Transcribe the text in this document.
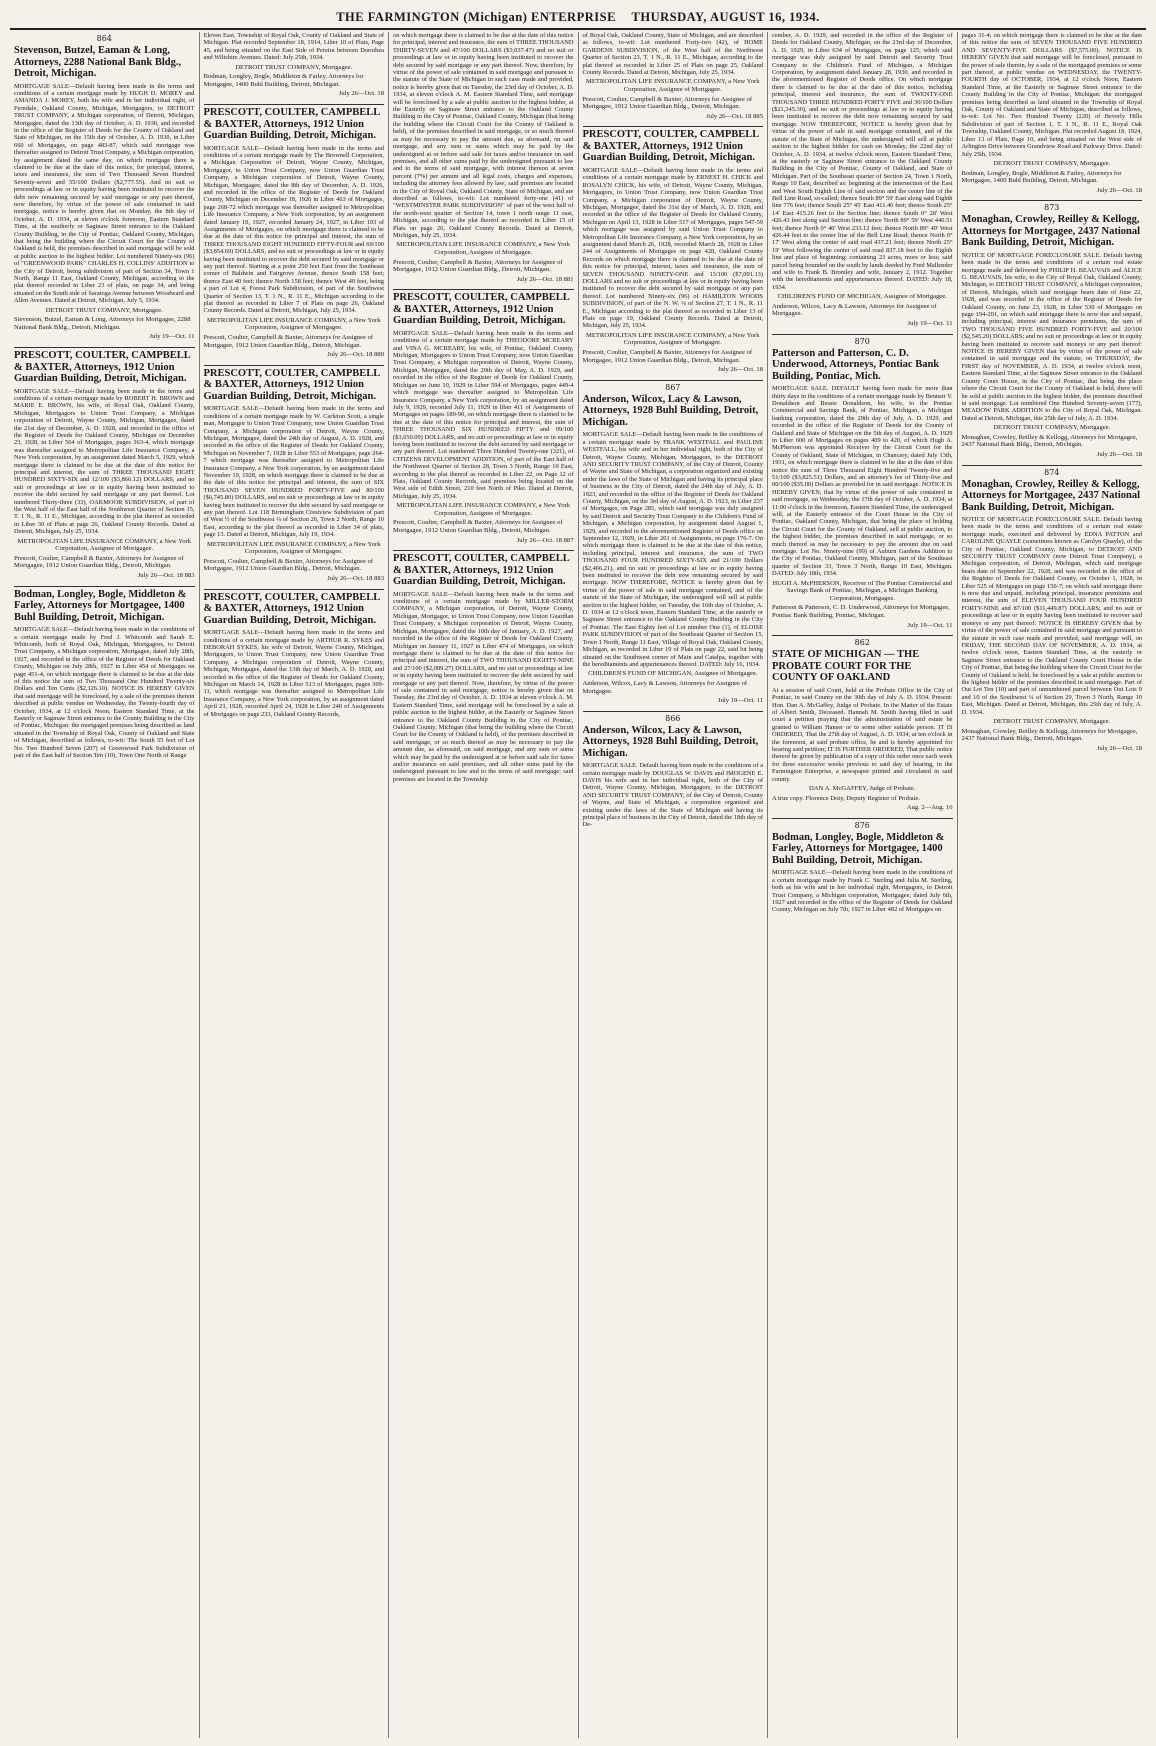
THE FARMINGTON (Michigan) ENTERPRISE THURSDAY, AUGUST 16, 1934.
864
Stevenson, Butzel, Eaman & Long, Attorneys, 2288 National Bank Bldg., Detroit, Michigan.

MORTGAGE SALE—Default having been made in the terms and conditions of a certain mortgage made by HUGH D. MOREY and AMANDA J. MOREY, both his wife and in her individual right, of Ferndale, Oakland County, Michigan, Mortgagors, to DETROIT TRUST COMPANY, a Michigan corporation, of Detroit, Michigan, Mortgagee, dated the 13th day of October, A. D. 1930, and recorded in the office of the Register of Deeds for the County of Oakland and State of Michigan, on the 15th day of October, A. D. 1930, in Liber 660 of Mortgages, on page 483-87, which said mortgage was thereafter assigned to Detroit Trust Company, a Michigan corporation, by assignment dated the same day, on which mortgage there is claimed to be due at the date of this notice, for principal, interest, taxes and insurance, the sum of Two Thousand Seven Hundred Seventy-seven and 55/100 Dollars ($2,777.55). And no suit or proceedings at law or in equity having been instituted to recover the debt now remaining secured by said mortgage or any part thereof, now therefore, by virtue of the power of sale contained in said mortgage, notice is hereby given that on Monday, the 8th day of October, A. D. 1934, at eleven o'clock forenoon, Eastern Standard Time, at the southerly or Saginaw Street entrance to the Oakland County Building, in the City of Pontiac, Oakland County, Michigan, that being the building where the Circuit Court for the County of Oakland is held, the premises described in said mortgage will be sold at public auction to the highest bidder. Lot numbered Ninety-six (96) of "GREENWOOD PARK" CHARLES H. COLLINS' ADDITION to the City of Detroit, being subdivision of part of Section 34, Town 1 North, Range 11 East, Oakland County, Michigan, according to the plat thereof recorded in Liber 23 of plats, on page 34, and being situated on the South side of Saratoga Avenue between Woodward and Allen Avenues. Dated at Detroit, Michigan, July 5, 1934.

DETROIT TRUST COMPANY, Mortgagee.
Stevenson, Butzel, Eaman & Long, Attorneys for Mortgagee, 2288 National Bank Bldg., Detroit, Michigan.
July 19—Oct. 11
PRESCOTT, COULTER, CAMPBELL & BAXTER, Attorneys, 1912 Union Guardian Building, Detroit, Michigan.

MORTGAGE SALE—Default having been made in the terms and conditions of a certain mortgage made by ROBERT H. BROWN and MARIE E. BROWN, his wife, of Royal Oak, Oakland County, Michigan, Mortgagors to Union Trust Company, a Michigan corporation of Detroit, Wayne County, Michigan, Mortgagee, dated the 21st day of December, A. D. 1928, and recorded in the office of the Register of Deeds for Oakland County, Michigan on December 23, 1928, in Liber 564 of Mortgages, pages 363-4, which mortgage was thereafter assigned to Metropolitan Life Insurance Company, a New York corporation, by an assignment dated March 5, 1929, which mortgage there is claimed to be due at the date of this notice for principal and interest, the sum of THREE THOUSAND EIGHT HUNDRED SIXTY-SIX and 12/100 ($3,866.12) DOLLARS, and no suit or proceedings at law or in equity having been instituted to recover the debt secured by said mortgage or any part thereof. Lot numbered Thirty-three (33), OAKMOOR SUBDIVISION, of part of the West half of the East half of the Southwest Quarter of Section 15, T. 1 N., R. 11 E., Michigan, according to the plat thereof as recorded in Liber 30 of Plats at page 26, Oakland County Records. Dated at Detroit, Michigan, July 25, 1934.

METROPOLITAN LIFE INSURANCE COMPANY, a New York Corporation, Assignee of Mortgagee.
Prescott, Coulter, Campbell & Baxter, Attorneys for Assignee of Mortgagee, 1912 Union Guardian Bldg., Detroit, Michigan.
July 26—Oct. 18 883
Bodman, Longley, Bogle, Middleton & Farley, Attorneys for Mortgagee, 1400 Buhl Building, Detroit, Michigan.

MORTGAGE SALE—Default having been made in the conditions of a certain mortgage made by Fred J. Whitcomb and Sarah E. Whitcomb, both of Royal Oak, Michigan, Mortgagors, to Detroit Trust Company, a Michigan corporation, Mortgagee, dated July 28th, 1927, and recorded in the office of the Register of Deeds for Oakland County, Michigan on July 28th, 1927 in Liber 454 of Mortgages on page 451-4; on which mortgage there is claimed to be due at the date of this notice the sum of Two Thousand One Hundred Twenty-six Dollars and Ten Cents ($2,126.10). NOTICE IS HEREBY GIVEN that said mortgage will be foreclosed, by a sale of the premises therein described at public vendue on Wednesday, the Twenty-fourth day of October, 1934, at 12 o'clock Noon, Eastern Standard Time, at the Easterly or Saginaw Street entrance to the County Building in the City of Pontiac, Michigan: the mortgaged premises being described as land situated in the Township of Royal Oak, County of Oakland and State of Michigan, described as follows, to-wit: The South 55 feet of Lot No. Two Hundred Seven (207) of Greenwood Park Subdivision of part of the East half of Section Ten (10), Town One North of Range

Eleven East, Township of Royal Oak, County of Oakland and State of Michigan. Plat recorded September 18, 1914, Liber 10 of Plats, Page 45, and being situated on the East Side of Pereira between Dorothea and Wiltshire Avenues. Dated: July 25th, 1934.

DETROIT TRUST COMPANY, Mortgagee.
Bodman, Longley, Bogle, Middleton & Farley, Attorneys for Mortgagee, 1400 Buhl Building, Detroit, Michigan.
July 26—Oct. 18
PRESCOTT, COULTER, CAMPBELL & BAXTER, Attorneys, 1912 Union Guardian Building, Detroit, Michigan.

MORTGAGE SALE—Default having been made in the terms and conditions of a certain mortgage made by The Brownell Corporation, a Michigan Corporation of Detroit, Wayne County, Michigan, Mortgagor, to Union Trust Company, now Union Guardian Trust Company, a Michigan corporation of Detroit, Wayne County, Michigan, Mortgagee, dated the 8th day of December, A. D. 1926, and recorded in the office of the Register of Deeds for Oakland County, Michigan on December 18, 1926 in Liber 463 of Mortgages, page 268-72 which mortgage was thereafter assigned to Metropolitan Life Insurance Company, a New York corporation, by an assignment dated January 10, 1927, recorded January 24, 1927, in Liber 193 of Assignments of Mortgages, on which mortgage there is claimed to be due at the date of this notice for principal and interest, the sum of THREE THOUSAND EIGHT HUNDRED FIFTY-FOUR and 69/100 ($3,854.69) DOLLARS, and no suit or proceedings at law or in equity having been instituted to recover the debt secured by said mortgage or any part thereof. Starting at a point 250 feet East from the Southeast corner of Baldwin and Fairgrove Avenue, thence South 158 feet; thence East 40 feet; thence North 158 feet; thence West 40 feet, being a part of Lot 4, Forest Park Subdivision, of part of the Southwest Quarter of Section 13, T. 1 N., R. 11 E., Michigan according to the plat thereof as recorded in Liber 7 of Plats on page 26, Oakland County Records. Dated at Detroit, Michigan, July 25, 1934.

METROPOLITAN LIFE INSURANCE COMPANY, a New York Corporation, Assignee of Mortgagee.
Prescott, Coulter, Campbell & Baxter, Attorneys for Assignee of Mortgagee, 1912 Union Guardian Bldg., Detroit, Michigan.
July 26—Oct. 18 880
PRESCOTT, COULTER, CAMPBELL & BAXTER, Attorneys, 1912 Union Guardian Building, Detroit, Michigan.

MORTGAGE SALE—Default having been made in the terms and conditions of a certain mortgage made by W. Carleton Scott, a single man, Mortgagor to Union Trust Company, now Union Guardian Trust Company, a Michigan corporation of Detroit, Wayne County, Michigan, Mortgagee, dated the 24th day of August, A. D. 1928, and recorded in the office of the Register of Deeds for Oakland County, Michigan on November 7, 1928 in Liber 553 of Mortgages, page 264-7 which mortgage was thereafter assigned to Metropolitan Life Insurance Company, a New York corporation, by an assignment dated November 19, 1928, on which mortgage there is claimed to be due at the date of this notice for principal and interest, the sum of SIX THOUSAND SEVEN HUNDRED FORTY-FIVE and 80/100 ($6,745.80) DOLLARS, and no suit or proceedings at law or in equity having been instituted to recover the debt secured by said mortgage or any part thereof. Lot 118 Birmingham Crestview Subdivision of part of West ½ of the Southwest ¼ of Section 26, Town 2 North, Range 10 East, according to the plat thereof as recorded in Liber 34 of plats, page 13. Dated at Detroit, Michigan, July 19, 1934.

METROPOLITAN LIFE INSURANCE COMPANY, a New York Corporation, Assignee of Mortgagee.
Prescott, Coulter, Campbell & Baxter, Attorneys for Assignee of Mortgagee, 1912 Union Guardian Bldg., Detroit, Michigan.
July 26—Oct. 18 883
PRESCOTT, COULTER, CAMPBELL & BAXTER, Attorneys, 1912 Union Guardian Building, Detroit, Michigan.

MORTGAGE SALE—Default having been made in the terms and conditions of a certain mortgage made by ARTHUR R. SYKES and DEBORAH SYKES, his wife of Detroit, Wayne County, Michigan, Mortgagors, to Union Trust Company, now Union Guardian Trust Company, a Michigan corporation of Detroit, Wayne County, Michigan, Mortgagee, dated the 13th day of March, A. D. 1928, and recorded in the office of the Register of Deeds for Oakland County, Michigan on March 14, 1928 in Liber 513 of Mortgages, pages 309-11, which mortgage was thereafter assigned to Metropolitan Life Insurance Company, a New York corporation, by an assignment dated April 23, 1928, recorded April 24, 1928 in Liber 240 of Assignments of Mortgages on page 233, Oakland County Records,

on which mortgage there is claimed to be due at the date of this notice for principal, interest and insurance, the sum of THREE THOUSAND THIRTY-SEVEN and 47/100 DOLLARS ($3,037.47) and no suit or proceedings at law or in equity having been instituted to recover the debt secured by said mortgage or any part thereof. Now, therefore, by virtue of the power of sale contained in said mortgage and pursuant to the statute of the State of Michigan in such case made and provided, notice is hereby given that on Tuesday, the 23rd day of October, A. D. 1934, at eleven o'clock A. M. Eastern Standard Time, said mortgage will be foreclosed by a sale at public auction to the highest bidder, at the Easterly or Saginaw Street entrance to the Oakland County Building in the City of Pontiac, Oakland County, Michigan (that being the building where the Circuit Court for the County of Oakland is held), of the premises described in said mortgage, or so much thereof as may be necessary to pay the amount due, as aforesaid, on said mortgage, and any sum or sums which may be paid by the undersigned at or before said sale for taxes and/or insurance on said premises, and all other sums paid by the undersigned pursuant to law and to the terms of said mortgage, with interest thereon at seven percent (7%) per annum and all legal costs, charges and expenses, including the attorney fees allowed by law; said premises are located in the City of Royal Oak, Oakland County, State of Michigan, and are described as follows, to-wit: Lot numbered forty-one (41) of "WESTMINSTER PARK SUBDIVISION" of part of the west half of the north-west quarter of Section 14, town 1 north range 11 east, Michigan, according to the plat thereof as recorded in Liber 15 of Plats on page 26, Oakland County Records. Dated at Detroit, Michigan, July 25, 1934.

METROPOLITAN LIFE INSURANCE COMPANY, a New York Corporation, Assignee of Mortgagee.
Prescott, Coulter, Campbell & Baxter, Attorneys for Assignee of Mortgagee, 1912 Union Guardian Bldg., Detroit, Michigan.
July 26—Oct. 18 881
PRESCOTT, COULTER, CAMPBELL & BAXTER, Attorneys, 1912 Union Guardian Building, Detroit, Michigan.

MORTGAGE SALE—Default having been made in the terms and conditions of a certain mortgage made by THEODORE MCREARY and VINA G. MCREARY, his wife, of Pontiac, Oakland County, Michigan, Mortgagors to Union Trust Company, now Union Guardian Trust Company, a Michigan corporation of Detroit, Wayne County, Michigan, Mortgagee, dated the 20th day of May, A. D. 1929, and recorded in the office of the Register of Deeds for Oakland County, Michigan on June 10, 1929 in Liber 594 of Mortgages, pages 449-4 which mortgage was thereafter assigned to Metropolitan Life Insurance Company, a New York corporation, by an assignment dated July 9, 1929, recorded July 11, 1929 in liber 411 of Assignments of Mortgages on pages 189-90, on which mortgage there is claimed to be due at the date of this notice for principal and interest, the sum of THREE THOUSAND SIX HUNDRED FIFTY and 09/100 ($3,650.09) DOLLARS, and no suit or proceedings at law or in equity having been instituted to recover the debt secured by said mortgage or any part thereof. Lot numbered Three Hundred Twenty-one (321), of CITIZENS DEVELOPMENT ADDITION, of part of the East half of the Northwest Quarter of Section 28, Town 3 North, Range 10 East, according to the plat thereof as recorded in Liber 22, on Page 12 of Plats, Oakland County Records, said premises being located on the West side of Edith Street, 210 feet North of Pike. Dated at Detroit, Michigan, July 25, 1934.

METROPOLITAN LIFE INSURANCE COMPANY, a New York Corporation, Assignee of Mortgagee.
Prescott, Coulter, Campbell & Baxter, Attorneys for Assignee of Mortgagee, 1912 Union Guardian Bldg., Detroit, Michigan.
July 26—Oct. 18 887
PRESCOTT, COULTER, CAMPBELL & BAXTER, Attorneys, 1912 Union Guardian Building, Detroit, Michigan.

MORTGAGE SALE—Default having been made in the terms and conditions of a certain mortgage made by MILLER-STORM COMPANY, a Michigan corporation, of Detroit, Wayne County, Michigan, Mortgagor, to Union Trust Company, now Union Guardian Trust Company, a Michigan corporation of Detroit, Wayne County, Michigan, Mortgagee, dated the 10th day of January, A. D. 1927, and recorded in the office of the Register of Deeds for Oakland County, Michigan on January 11, 1927 in Liber 474 of Mortgages, on which mortgage there is claimed to be due at the date of this notice for principal and interest, the sum of TWO THOUSAND EIGHTY-NINE and 27/100 ($2,089.27) DOLLARS, and no suit or proceedings at law or in equity having been instituted to recover the debt secured by said mortgage or any part thereof. Now, therefore, by virtue of the power of sale contained in said mortgage, notice is hereby given that on Tuesday, the 23rd day of October, A. D. 1934 at eleven o'clock A. M. Eastern Standard Time, said mortgage will be foreclosed by a sale at public auction to the highest bidder, at the Easterly or Saginaw Street entrance to the Oakland County Building in the City of Pontiac, Oakland County, Michigan (that being the building where the Circuit Court for the County of Oakland is held), of the premises described in said mortgage, or so much thereof as may be necessary to pay the amount due, as aforesaid, on said mortgage, and any sum or sums which may be paid by the undersigned at or before said sale for taxes and/or insurance on said premises, and all other sums paid by the undersigned pursuant to law and to the terms of said mortgage; said premises are located in the Township

of Royal Oak, Oakland County, State of Michigan, and are described as follows, to-wit: Lot numbered Forty-two (42), of HOME GARDENS SUBDIVISION, of the West half of the Northwest Quarter of Section 23, T. 1 N., R. 11 E., Michigan, according to the plat thereof as recorded in Liber 25 of Plats on page 25, Oakland County Records. Dated at Detroit, Michigan, July 25, 1934.

METROPOLITAN LIFE INSURANCE COMPANY, a New York Corporation, Assignee of Mortgagee.
Prescott, Coulter, Campbell & Baxter, Attorneys for Assignee of Mortgagee, 1912 Union Guardian Bldg., Detroit, Michigan.
July 26—Oct. 18 885
PRESCOTT, COULTER, CAMPBELL & BAXTER, Attorneys, 1912 Union Guardian Building, Detroit, Michigan.

MORTGAGE SALE—Default having been made in the terms and conditions of a certain mortgage made by ERNEST H. CHICK and ROSALYN CHICK, his wife, of Detroit, Wayne County, Michigan, Mortgagors, to Union Trust Company, now Union Guardian Trust Company, a Michigan corporation of Detroit, Wayne County, Michigan, Mortgagee, dated the 31st day of March, A. D. 1928, and recorded in the office of the Register of Deeds for Oakland County, Michigan on April 13, 1928 in Liber 517 of Mortgages, pages 547-59 which mortgage was assigned by said Union Trust Company to Metropolitan Life Insurance Company, a New York corporation, by an assignment dated March 26, 1928, recorded March 28, 1928 in Liber 244 of Assignments of Mortgages on page 428, Oakland County Records on which mortgage there is claimed to be due at the date of this notice for principal, interest, taxes and insurance, the sum of SEVEN THOUSAND NINETY-ONE and 13/100 ($7,091.13) DOLLARS and no suit or proceedings at law or in equity having been instituted to recover the debt secured by said mortgage or any part thereof. Lot numbered Ninety-six (96) of HAMILTON WOODS SUBDIVISION, of part of the N. W. ¼ of Section 27, T. 1 N., R. 11 E., Michigan according to the plat thereof as recorded in Liber 13 of Plats on page 19, Oakland County Records. Dated at Detroit, Michigan, July 25, 1934.

METROPOLITAN LIFE INSURANCE COMPANY, a New York Corporation, Assignee of Mortgagee.
Prescott, Coulter, Campbell & Baxter, Attorneys for Assignee of Mortgagee, 1912 Union Guardian Bldg., Detroit, Michigan.
July 26—Oct. 18
867
Anderson, Wilcox, Lacy & Lawson, Attorneys, 1928 Buhl Building, Detroit, Michigan.

MORTGAGE SALE—Default having been made in the conditions of a certain mortgage made by FRANK WESTFALL and PAULINE WESTFALL, his wife and in her individual right, both of the City of Detroit, Wayne County, Michigan, Mortgagors, to the DETROIT AND SECURITY TRUST COMPANY, of the City of Detroit, County of Wayne and State of Michigan, a corporation organized and existing under the laws of the State of Michigan and having its principal place of business in the City of Detroit, dated the 24th day of July, A. D. 1923, and recorded in the office of the Register of Deeds for Oakland County, Michigan, on the 3rd day of August, A. D. 1923, in Liber 237 of Mortgages, on Page 285, which said mortgage was duly assigned by said Detroit and Security Trust Company to the Children's Fund of Michigan, a Michigan corporation, by assignment dated August 1, 1929, and recorded in the aforementioned Register of Deeds office on September 12, 1929, in Liber 201 of Assignments, on page 176-7. On which mortgage there is claimed to be due at the date of this notice, including principal, interest and insurance, the sum of TWO THOUSAND FOUR HUNDRED SIXTY-SIX and 21/100 Dollars ($2,466.21), and no suit or proceedings at law or in equity having been instituted to recover the debt now remaining secured by said mortgage. NOW THEREFORE, NOTICE is hereby given that by virtue of the power of sale in said mortgage contained, and of the statute of the State of Michigan, the undersigned will sell at public auction to the highest bidder, on Tuesday, the 16th day of October, A. D. 1934 at 12 o'clock noon, Eastern Standard Time, at the easterly or Saginaw Street entrance to the Oakland County Building in the City of Pontiac. The East Eighty feet of Lot number One (1), of ELOISE PARK SUBDIVISION of part of the Southeast Quarter of Section 15, Town 1 North, Range 11 East, Village of Royal Oak, Oakland County, Michigan, as recorded in Liber 19 of Plats on page 22, said lot being situated on the Southwest corner of Main and Catalpa, together with the hereditaments and appurtenances thereof. DATED: July 16, 1934.

CHILDREN'S FUND OF MICHIGAN, Assignee of Mortgagee.
Anderson, Wilcox, Lacy & Lawson, Attorneys for Assignee of Mortgagee.
July 19—Oct. 11
866
Anderson, Wilcox, Lacy & Lawson, Attorneys, 1928 Buhl Building, Detroit, Michigan.

MORTGAGE SALE. Default having been made in the conditions of a certain mortgage made by DOUGLAS W. DAVIS and IMOGENE E. DAVIS his wife and in her individual right, both of the City of Detroit, Wayne County, Michigan, Mortgagors, to the DETROIT AND SECURITY TRUST COMPANY, of the City of Detroit, County of Wayne, and State of Michigan, a corporation organized and existing under the laws of the State of Michigan and having its principal place of business in the City of Detroit, dated the 18th day of De-

cember, A. D. 1929, and recorded in the office of the Register of Deeds for Oakland County, Michigan, on the 23rd day of December, A. D. 1929, in Liber 634 of Mortgages, on page 125, which said mortgage was duly assigned by said Detroit and Security Trust Company to the Children's Fund of Michigan, a Michigan Corporation, by assignment dated January 28, 1930, and recorded in the aforementioned Register of Deeds office. On which mortgage there is claimed to be due at the date of this notice, including principal, interest and insurance, the sum of TWENTY-ONE THOUSAND THREE HUNDRED FORTY FIVE and 30/100 Dollars ($21,345.30), and no suit or proceedings at law or in equity having been instituted to recover the debt now remaining secured by said mortgage. NOW THEREFORE, NOTICE is hereby given that by virtue of the power of sale in said mortgage contained, and of the statute of the State of Michigan, the undersigned will sell at public auction to the highest bidder for cash on Monday, the 22nd day of October, A. D. 1934, at twelve o'clock noon, Eastern Standard Time, at the easterly or Saginaw Street entrance to the Oakland County Building in the City of Pontiac, County of Oakland, and State of Michigan. Part of the Southeast quarter of Section 24, Town 1 North, Range 10 East, described as: beginning at the intersection of the East and West South Eighth Line of said section and the center line of the Bell Line Road, so-called; thence South 89° 59' East along said Eighth line 776 feet; thence South 25° 45' East 411.46 feet; thence South 25° 14' East 415.26 feet to the Section line; thence South 0° 28' West 426.43 feet along said Section line; thence North 89° 59' West 440.51 feet; thence North 0° 40' West 233.12 feet; thence North 89° 49' West 426.44 feet to the center line of the Bell Line Road; thence North 0° 17' West along the center of said road 437.21 feet; thence North 25° 19' West following the center of said road 837.18 feet to the Eighth line and place of beginning; containing 23 acres, more or less; said parcel being bounded on the south by lands deeded by Fred Mallender and wife to Frank B. Bromley and wife, January 2, 1912. Together with the hereditaments and appurtenances thereof. DATED: July 18, 1934.

CHILDREN'S FUND OF MICHIGAN, Assignee of Mortgagee.
Anderson, Wilcox, Lacy & Lawson, Attorneys for Assignee of Mortgagee.
July 19—Oct. 11
870
Patterson and Patterson, C. D. Underwood, Attorneys, Pontiac Bank Building, Pontiac, Mich.

MORTGAGE SALE. DEFAULT having been made for more than thirty days in the conditions of a certain mortgage made by Bennett V. Donaldson and Bessie Donaldson, his wife, to the Pontiac Commercial and Savings Bank, of Pontiac, Michigan, a Michigan banking corporation, dated the 29th day of July, A. D. 1929, and recorded in the office of the Register of Deeds for the County of Oakland and State of Michigan on the 5th day of August, A. D. 1929 in Liber 600 of Mortgages on pages 409 to 420, of which Hugh A. McPherson was appointed Receiver by the Circuit Court for the County of Oakland, State of Michigan, in Chancery, dated July 13th, 1931, on which mortgage there is claimed to be due at the date of this notice the sum of Three Thousand Eight Hundred Twenty-five and 51/100 ($3,825.51) Dollars, and an attorney's fee of Thirty-five and 00/100 ($35.00) Dollars as provided for in said mortgage. NOTICE IS HEREBY GIVEN, that by virtue of the power of sale contained in said mortgage, on Wednesday, the 17th day of October, A. D. 1934, at 11:00 o'clock in the forenoon, Eastern Standard Time, the undersigned will, at the Easterly entrance of the Court House in the City of Pontiac, Oakland County, Michigan, that being the place of holding the Circuit Court for the County of Oakland, sell at public auction, to the highest bidder, the premises described in said mortgage, or so much thereof as may be necessary to pay the amount due on said mortgage. Lot No. Ninety-nine (99) of Auburn Gardens Addition to the City of Pontiac, Oakland County, Michigan, part of the Southeast quarter of Section 33, Town 3 North, Range 10 East, Michigan. DATED: July 18th, 1934.

HUGH A. McPHERSON, Receiver of The Pontiac Commercial and Savings Bank of Pontiac, Michigan, a Michigan Banking Corporation, Mortgagee.
Patterson & Patterson, C. D. Underwood, Attorneys for Mortgagee, Pontiac Bank Building, Pontiac, Michigan.
July 19—Oct. 11
862
STATE OF MICHIGAN — THE PROBATE COURT FOR THE COUNTY OF OAKLAND

At a session of said Court, held at the Probate Office in the City of Pontiac, in said County on the 30th day of July A. D. 1934. Present: Hon. Dan A. McGaffey, Judge of Probate. In the Matter of the Estate of Albert Smith, Deceased. Hannah M. Smith having filed in said court a petition praying that the administration of said estate be granted to William Hanser or to some other suitable person. IT IS ORDERED, That the 27th day of August, A. D. 1934, at ten o'clock in the forenoon, at said probate office, be and is hereby appointed for hearing said petition; IT IS FURTHER ORDERED, That public notice thereof be given by publication of a copy of this order once each week for three successive weeks previous to said day of hearing, in the Farmington Enterprise, a newspaper printed and circulated in said county.

DAN A. McGAFFEY, Judge of Probate.
A true copy. Florence Doty, Deputy Register of Probate.
Aug. 2—Aug. 16
876
Bodman, Longley, Bogle, Middleton & Farley, Attorneys for Mortgagee, 1400 Buhl Building, Detroit, Michigan.

MORTGAGE SALE—Default having been made in the conditions of a certain mortgage made by Frank C. Sterling and Julia M. Sterling, both as his wife and in her individual right, Mortgagors, to Detroit Trust Company, a Michigan corporation, Mortgagee, dated July 6th, 1927 and recorded in the office of the Register of Deeds for Oakland County, Michigan on July 7th, 1927 in Liber 482 of Mortgages on

pages 31-4; on which mortgage there is claimed to be due at the date of this notice the sum of SEVEN THOUSAND FIVE HUNDRED AND SEVENTY-FIVE DOLLARS ($7,575.00). NOTICE IS HEREBY GIVEN that said mortgage will be foreclosed, pursuant to the power of sale therein, by a sale of the mortgaged premises or some part thereof, at public vendue on WEDNESDAY, the TWENTY-FOURTH day of OCTOBER, 1934, at 12 o'clock Noon, Eastern Standard Time, at the Easterly or Saginaw Street entrance to the County Building in the City of Pontiac, Michigan: the mortgaged premises being described as land situated in the Township of Royal Oak, County of Oakland and State of Michigan, described as follows, to-wit: Lot No. Two Hundred Twenty (220) of Beverly Hills Subdivision of part of Section 1, T. 1 N., R. 11 E., Royal Oak Township, Oakland County, Michigan. Plat recorded August 18, 1924, Liber 13 of Plats, Page 10, and being situated on the West side of Arlington Drive between Grandview Road and Parkway Drive. Dated: July 25th, 1934.

DETROIT TRUST COMPANY, Mortgagee.
Bodman, Longley, Bogle, Middleton & Farley, Attorneys for Mortgagee, 1400 Buhl Building, Detroit, Michigan.
July 26—Oct. 18
873
Monaghan, Crowley, Reilley & Kellogg, Attorneys for Mortgagee, 2437 National Bank Building, Detroit, Michigan.

NOTICE OF MORTGAGE FORECLOSURE SALE. Default having been made in the terms and conditions of a certain real estate mortgage made and delivered by PHILIP H. BEAUVAIS and ALICE G. BEAUVAIS, his wife, to the City of Royal Oak, Oakland County, Michigan, to DETROIT TRUST COMPANY, a Michigan corporation, of Detroit, Michigan, which said mortgage bears date of June 22, 1928, and was recorded in the office of the Register of Deeds for Oakland County, on June 23, 1928, in Liber 530 of Mortgages on page 194-201, on which said mortgage there is now due and unpaid, including principal, interest and insurance premiums, the sum of TWO THOUSAND FIVE HUNDRED FORTY-FIVE and 20/100 ($2,545.20) DOLLARS; and no suit or proceedings at law or in equity having been instituted to recover said moneys or any part thereof: NOTICE IS HEREBY GIVEN that by virtue of the power of sale contained in said mortgage and the statute, on THURSDAY, the FIRST day of NOVEMBER, A. D. 1934, at twelve o'clock noon, Eastern Standard Time, at the Saginaw Street entrance to the Oakland County Court House, in the City of Pontiac, that being the place where the Circuit Court for the County of Oakland is held, there will be sold at public auction to the highest bidder, the premises described in said mortgage. Lot numbered One Hundred Seventy-seven (177), MEADOW PARK ADDITION to the City of Royal Oak, Michigan. Dated at Detroit, Michigan, this 25th day of July, A. D. 1934.

DETROIT TRUST COMPANY, Mortgagee.
Monaghan, Crowley, Reilley & Kellogg, Attorneys for Mortgagee, 2437 National Bank Bldg., Detroit, Michigan.
July 26—Oct. 18
874
Monaghan, Crowley, Reilley & Kellogg, Attorneys for Mortgagee, 2437 National Bank Building, Detroit, Michigan.

NOTICE OF MORTGAGE FORECLOSURE SALE. Default having been made in the terms and conditions of a certain real estate mortgage made, executed and delivered by EDNA PATTON and CAROLINE QUAYLE (sometimes known as Carolyn Quayle), of the City of Pontiac, Oakland County, Michigan, to DETROIT AND SECURITY TRUST COMPANY (now Detroit Trust Company), a Michigan corporation, of Detroit, Michigan, which said mortgage bears date of September 22, 1928, and was recorded in the office of the Register of Deeds for Oakland County, on October 1, 1928, in Liber 525 of Mortgages on page 150-7; on which said mortgage there is now due and unpaid, including principal, insurance premiums and interest, the sum of ELEVEN THOUSAND FOUR HUNDRED FORTY-NINE and 87/100 ($11,449.87) DOLLARS; and no suit or proceedings at law or in equity having been instituted to recover said moneys or any part thereof: NOTICE IS HEREBY GIVEN that by virtue of the power of sale contained in said mortgage and pursuant to the statute in such case made and provided, said mortgage will, on FRIDAY, THE SECOND DAY OF NOVEMBER, A. D. 1934, at twelve o'clock noon, Eastern Standard Time, at the easterly or Saginaw Street entrance to the Oakland County Court House in the City of Pontiac, that being the building where the Circuit Court for the County of Oakland is held, be foreclosed by a sale at public auction to the highest bidder of the premises described in said mortgage. Part of Out Lot Ten (10) and part of unnumbered parcel between Out Lots 9 and 10 of the Southwest ¼ of Section 29, Town 3 North, Range 10 East, Michigan. Dated at Detroit, Michigan, this 25th day of July, A. D. 1934.

DETROIT TRUST COMPANY, Mortgagee.
Monaghan, Crowley, Reilley & Kellogg, Attorneys for Mortgagee, 2437 National Bank Bldg., Detroit, Michigan.
July 26—Oct. 18
